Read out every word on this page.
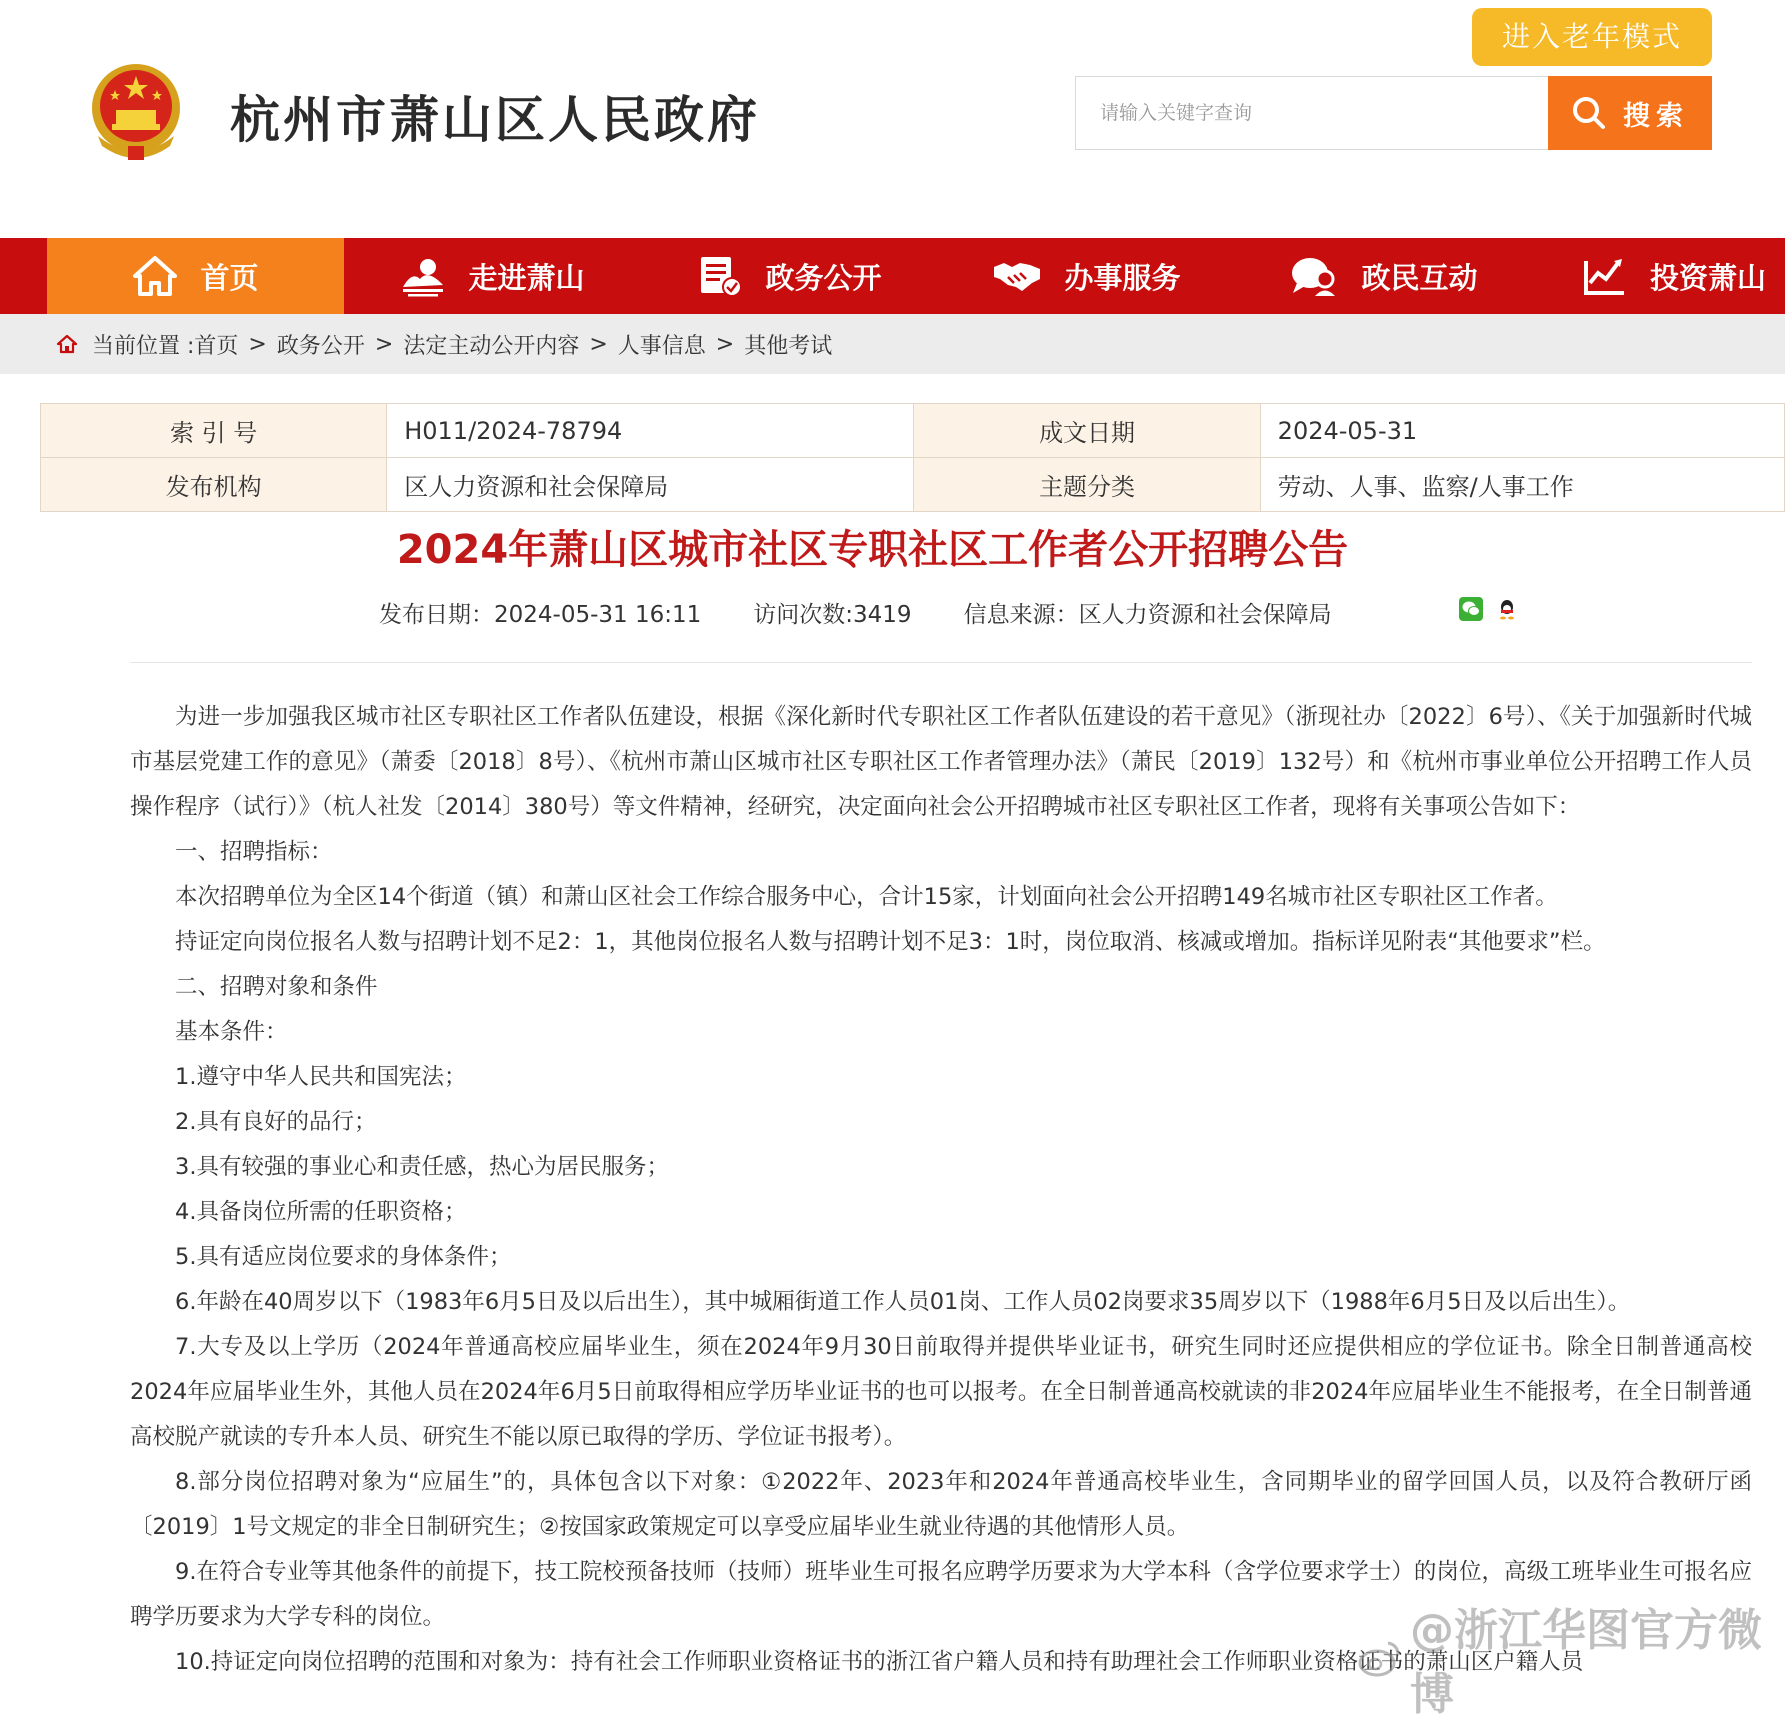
杭州市萧山区人民政府
进入老年模式
请输入关键字查询
搜索
首页	走进萧山	政务公开	办事服务	政民互动	投资萧山
当前位置 : 首页 > 政务公开 > 法定主动公开内容 > 人事信息 > 其他考试
索 引 号	H011/2024-78794	成文日期	2024-05-31
发布机构	区人力资源和社会保障局	主题分类	劳动、人事、监察/人事工作
2024年萧山区城市社区专职社区工作者公开招聘公告
发布日期：2024-05-31 16:11 访问次数:3419 信息来源：区人力资源和社会保障局

为进一步加强我区城市社区专职社区工作者队伍建设，根据《深化新时代专职社区工作者队伍建设的若干意见》（浙现社办〔2022〕6号）、《关于加强新时代城市基层党建工作的意见》（萧委〔2018〕8号）、《杭州市萧山区城市社区专职社区工作者管理办法》（萧民〔2019〕132号）和《杭州市事业单位公开招聘工作人员操作程序（试行）》（杭人社发〔2014〕380号）等文件精神，经研究，决定面向社会公开招聘城市社区专职社区工作者，现将有关事项公告如下：

一、招聘指标：

本次招聘单位为全区14个街道（镇）和萧山区社会工作综合服务中心，合计15家，计划面向社会公开招聘149名城市社区专职社区工作者。

持证定向岗位报名人数与招聘计划不足2：1，其他岗位报名人数与招聘计划不足3：1时，岗位取消、核减或增加。指标详见附表“其他要求”栏。

二、招聘对象和条件

基本条件：

1.遵守中华人民共和国宪法；

2.具有良好的品行；

3.具有较强的事业心和责任感，热心为居民服务；

4.具备岗位所需的任职资格；

5.具有适应岗位要求的身体条件；

6.年龄在40周岁以下（1983年6月5日及以后出生），其中城厢街道工作人员01岗、工作人员02岗要求35周岁以下（1988年6月5日及以后出生）。

7.大专及以上学历（2024年普通高校应届毕业生，须在2024年9月30日前取得并提供毕业证书，研究生同时还应提供相应的学位证书。除全日制普通高校2024年应届毕业生外，其他人员在2024年6月5日前取得相应学历毕业证书的也可以报考。在全日制普通高校就读的非2024年应届毕业生不能报考，在全日制普通高校脱产就读的专升本人员、研究生不能以原已取得的学历、学位证书报考）。

8.部分岗位招聘对象为“应届生”的，具体包含以下对象：①2022年、2023年和2024年普通高校毕业生，含同期毕业的留学回国人员，以及符合教研厅函〔2019〕1号文规定的非全日制研究生；②按国家政策规定可以享受应届毕业生就业待遇的其他情形人员。

9.在符合专业等其他条件的前提下，技工院校预备技师（技师）班毕业生可报名应聘学历要求为大学本科（含学位要求学士）的岗位，高级工班毕业生可报名应聘学历要求为大学专科的岗位。

10.持证定向岗位招聘的范围和对象为：持有社会工作师职业资格证书的浙江省户籍人员和持有助理社会工作师职业资格证书的萧山区户籍人员

@浙江华图官方微博
